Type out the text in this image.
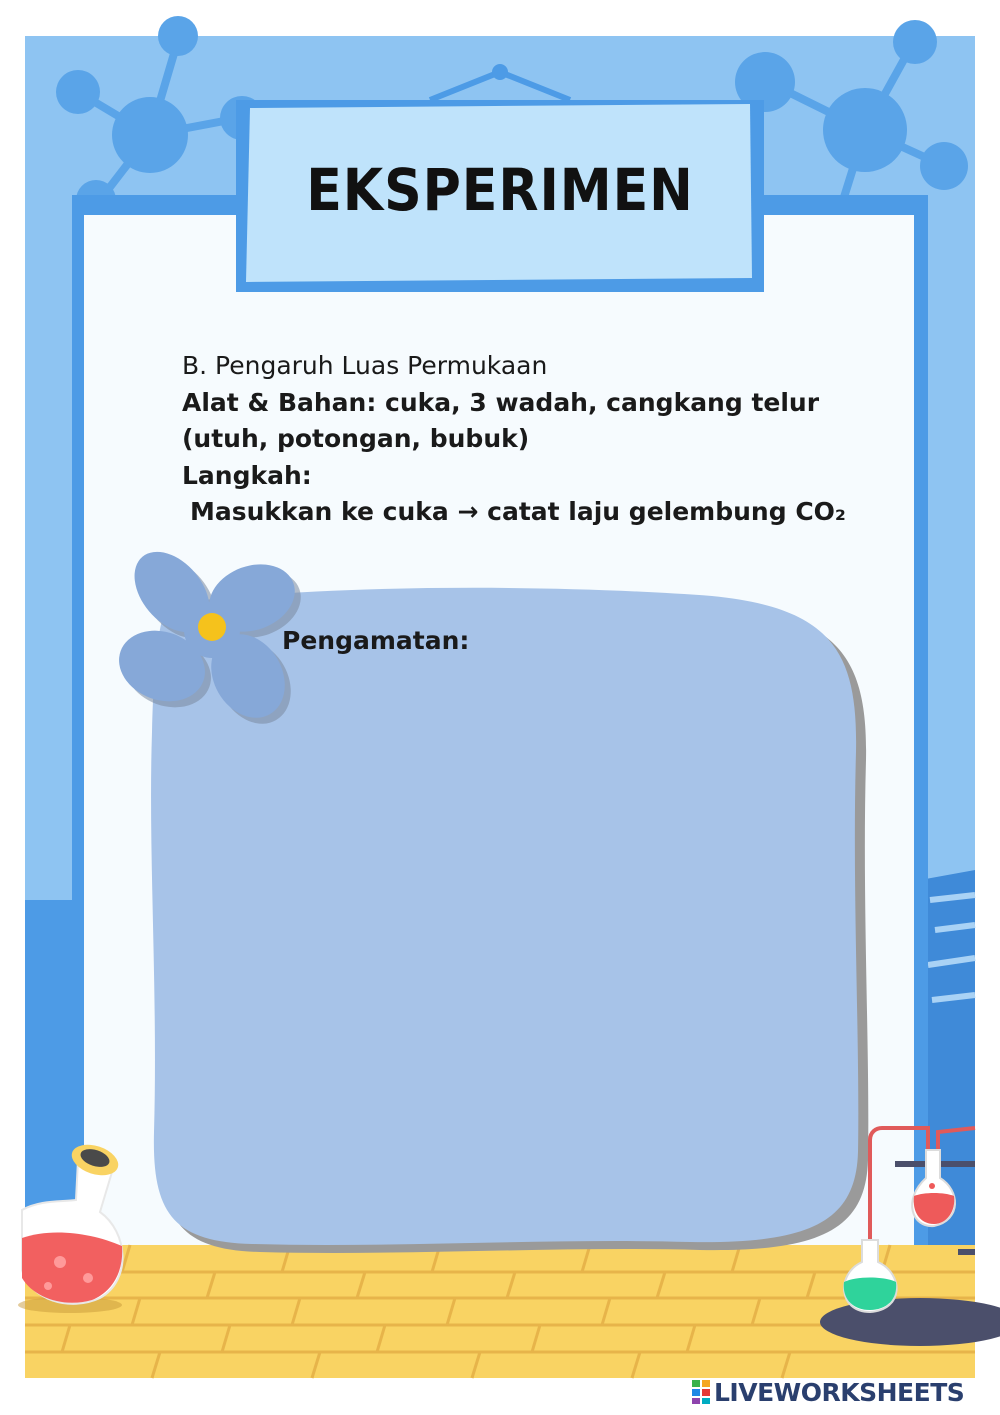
EKSPERIMEN
B. Pengaruh Luas Permukaan
Alat & Bahan: cuka, 3 wadah, cangkang telur
(utuh, potongan, bubuk)
Langkah:
Masukkan ke cuka → catat laju gelembung CO₂
Pengamatan:
LIVEWORKSHEETS
